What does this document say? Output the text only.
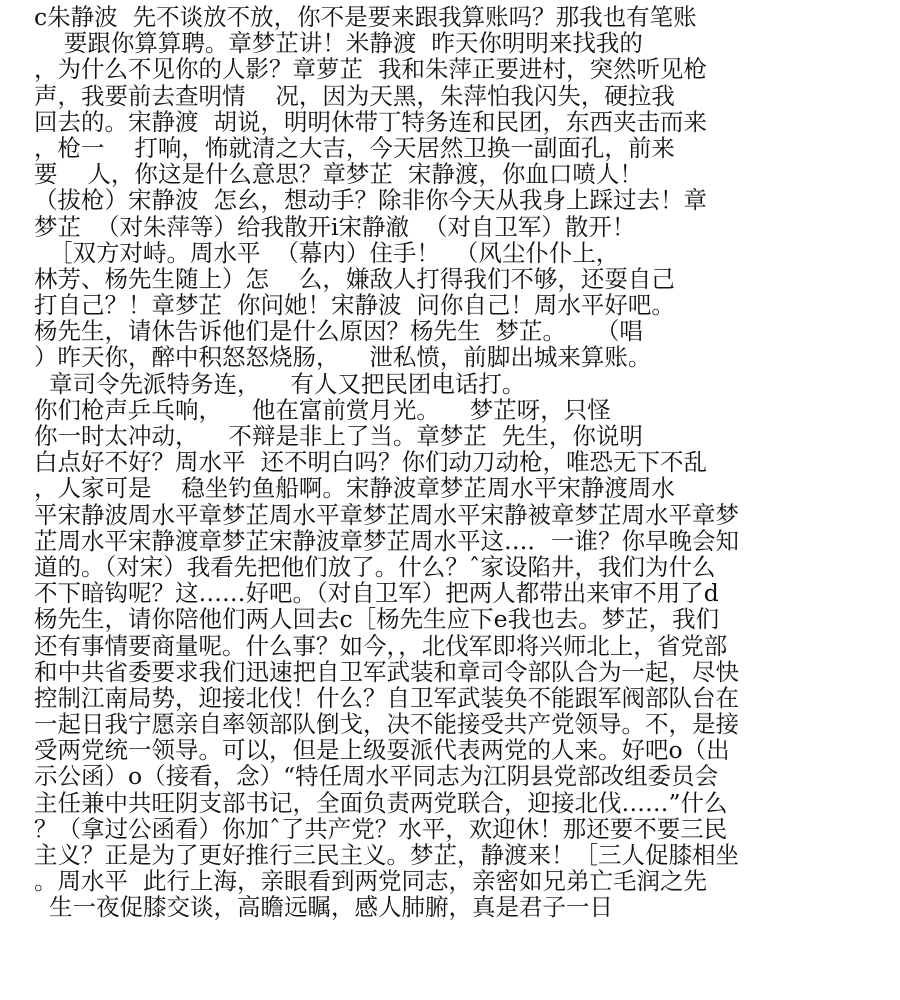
c朱静波  先不谈放不放，你不是要来跟我算账吗？那我也有笔账
要跟你算算聘。章梦芷讲！米静渡  昨天你明明来找我的
，为什么不见你的人影？章萝芷  我和朱萍正要进村，突然听见枪
声，我要前去查明情    况，因为天黑，朱萍怕我闪失，硬拉我
回去的。宋静渡  胡说，明明休带丁特务连和民团，东西夹击而来
，枪一    打响，怖就清之大吉，今天居然卫换一副面孔，前来
要    人，你这是什么意思？章梦芷  宋静渡，你血口喷人！
（拔枪）宋静波  怎幺，想动手？除非你今天从我身上踩过去！章
梦芷  （对朱萍等）给我散开i宋静澈  （对自卫军）散开！
［双方对峙。周水平  （幕内）住手！  （风尘仆仆上，
林芳、杨先生随上）怎    么，嫌敌人打得我们不够，还耍自己
打自己？！章梦芷  你问她！宋静波  问你自己！周水平好吧。
杨先生，请休告诉他们是什么原因？杨先生  梦芷。    （唱
）昨天你，醉中积怒怒烧肠，    泄私愤，前脚出城来算账。
章司令先派特务连，    有人又把民团电话打。
你们枪声乒乓响，    他在富前赏月光。    梦芷呀，只怪
你一时太冲动，    不辩是非上了当。章梦芷  先生，你说明
白点好不好？周水平  还不明白吗？你们动刀动枪，唯恐无下不乱
，人家可是    稳坐钓鱼船啊。宋静波章梦芷周水平宋静渡周水
平宋静波周水平章梦芷周水平章梦芷周水平宋静被章梦芷周水平章梦
芷周水平宋静渡章梦芷宋静波章梦芷周水平这…．一谁？你早晚会知
道的。（对宋）我看先把他们放了。什么？ˆ家设陷井，我们为什么
不下暗钩呢？这……好吧。（对自卫军）把两人都带出来审不用了d
杨先生，请你陪他们两人回去c［杨先生应下e我也去。梦芷，我们
还有事情要商量呢。什么事？如今，，北伐军即将兴师北上，省党部
和中共省委要求我们迅速把自卫军武装和章司令部队合为一起，尽快
控制江南局势，迎接北伐！什么？自卫军武装奂不能跟军阀部队台在
一起日我宁愿亲自率领部队倒戈，决不能接受共产党领导。不，是接
受两党统一领导。可以，但是上级耍派代表两党的人来。好吧o（出
示公函）o（接看，念）“特任周水平同志为江阴县党部改组委员会
主任兼中共旺阴支部书记，全面负责两党联合，迎接北伐……”什么
？（拿过公函看）你加ˆ了共产党？水平，欢迎休！那还要不要三民
主义？正是为了更好推行三民主义。梦芷，静渡来！［三人促膝相坐
。周水平  此行上海，亲眼看到两党同志，亲密如兄弟亡毛润之先
生一夜促膝交谈，高瞻远瞩，感人肺腑，真是君子一日
